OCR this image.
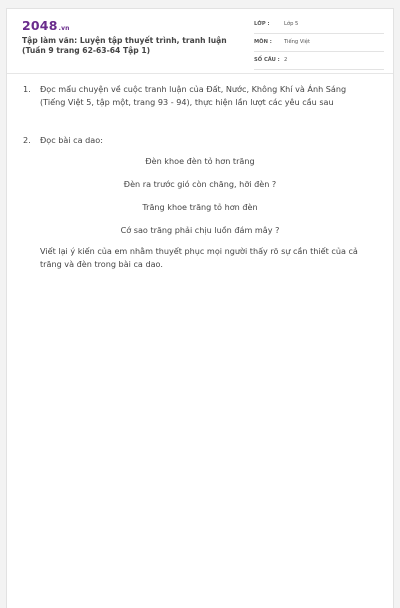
2048.vn
Tập làm văn: Luyện tập thuyết trình, tranh luận (Tuần 9 trang 62-63-64 Tập 1)
LỚP :	Lớp 5
MÔN : Tiếng Việt
SỐ CÂU : 2
1. Đọc mẩu chuyện về cuộc tranh luận của Đất, Nước, Không Khí và Ánh Sáng (Tiếng Việt 5, tập một, trang 93 - 94), thực hiện lần lượt các yêu cầu sau
2. Đọc bài ca dao:
Đèn khoe đèn tỏ hơn trăng
Đèn ra trước gió còn chăng, hỡi đèn ?
Trăng khoe trăng tỏ hơn đèn
Cớ sao trăng phải chịu luồn đám mây ?
Viết lại ý kiến của em nhằm thuyết phục mọi người thấy rõ sự cần thiết của cả trăng và đèn trong bài ca dao.
